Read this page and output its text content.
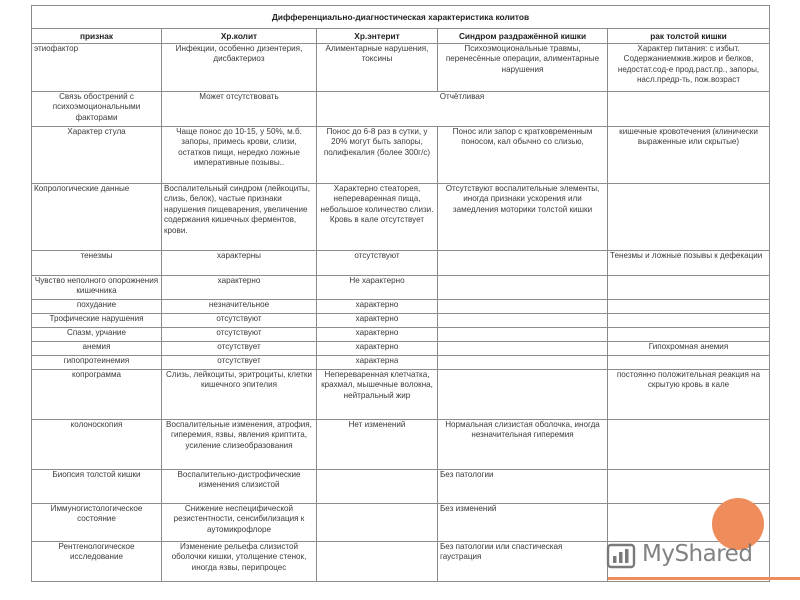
Дифференциально-диагностическая характеристика колитов				
признак	Хр.колит	Хр.энтерит	Синдром раздражённой кишки	рак толстой кишки
этиофактор	Инфекции, особенно дизентерия, дисбактериоз	Алиментарные нарушения, токсины	Психоэмоциональные травмы, перенесённые операции, алиментарные нарушения	Характер питания: с избыт. Содержаниемжив.жиров и белков, недостат.сод-е прод.раст.пр., запоры, насл.предр-ть, пож.возраст
Связь обострений с психоэмоциональными факторами	Может отсутствовать	Отчётливая		
Характер стула	Чаще понос до 10-15, у 50%, м.б. запоры, примесь крови, слизи, остатков пищи, нередко ложные императивные позывы..	Понос до 6-8 раз в сутки, у 20% могут быть запоры, полифекалия (более 300г/с)	Понос или запор с кратковременным поносом, кал обычно со слизью,	кишечные кровотечения (клинически выраженные или скрытые)
Копрологические данные	Воспалительный синдром (лейкоциты, слизь, белок), частые признаки нарушения пищеварения, увеличение содержания кишечных ферментов, крови.	Характерно стеаторея, непереваренная пища, небольшое количество слизи. Кровь в кале отсутствует	Отсутствуют воспалительные элементы, иногда признаки ускорения или замедления моторики толстой кишки	
тенезмы	характерны	отсутствуют		Тенезмы и ложные позывы к дефекации
Чувство неполного опорожнения кишечника	характерно	Не характерно		
похудание	незначительное	характерно		
Трофические нарушения	отсутствуют	характерно		
Спазм, урчание	отсутствуют	характерно		
анемия	отсутствует	характерно		Гипохромная анемия
гипопротеинемия	отсутствует	характерна		
копрограмма	Слизь, лейкоциты, эритроциты, клетки кишечного эпителия	Непереваренная клетчатка, крахмал, мышечные волокна, нейтральный жир		постоянно положительная реакция на скрытую кровь в кале
колоноскопия	Воспалительные изменения, атрофия, гиперемия, язвы, явления криптита, усиление слизеобразования	Нет изменений	Нормальная слизистая оболочка, иногда незначительная гиперемия	
Биопсия толстой кишки	Воспалительно-дистрофические изменения слизистой		Без патологии	
Иммуногистологическое состояние	Снижение неспецифической резистентности, сенсибилизация к аутомикрофлоре		Без изменений	
Рентгенологическое исследование	Изменение рельефа слизистой оболочки кишки, утолщение стенок, иногда язвы, перипроцес		Без патологии или спастическая гаустрация		MyShared
